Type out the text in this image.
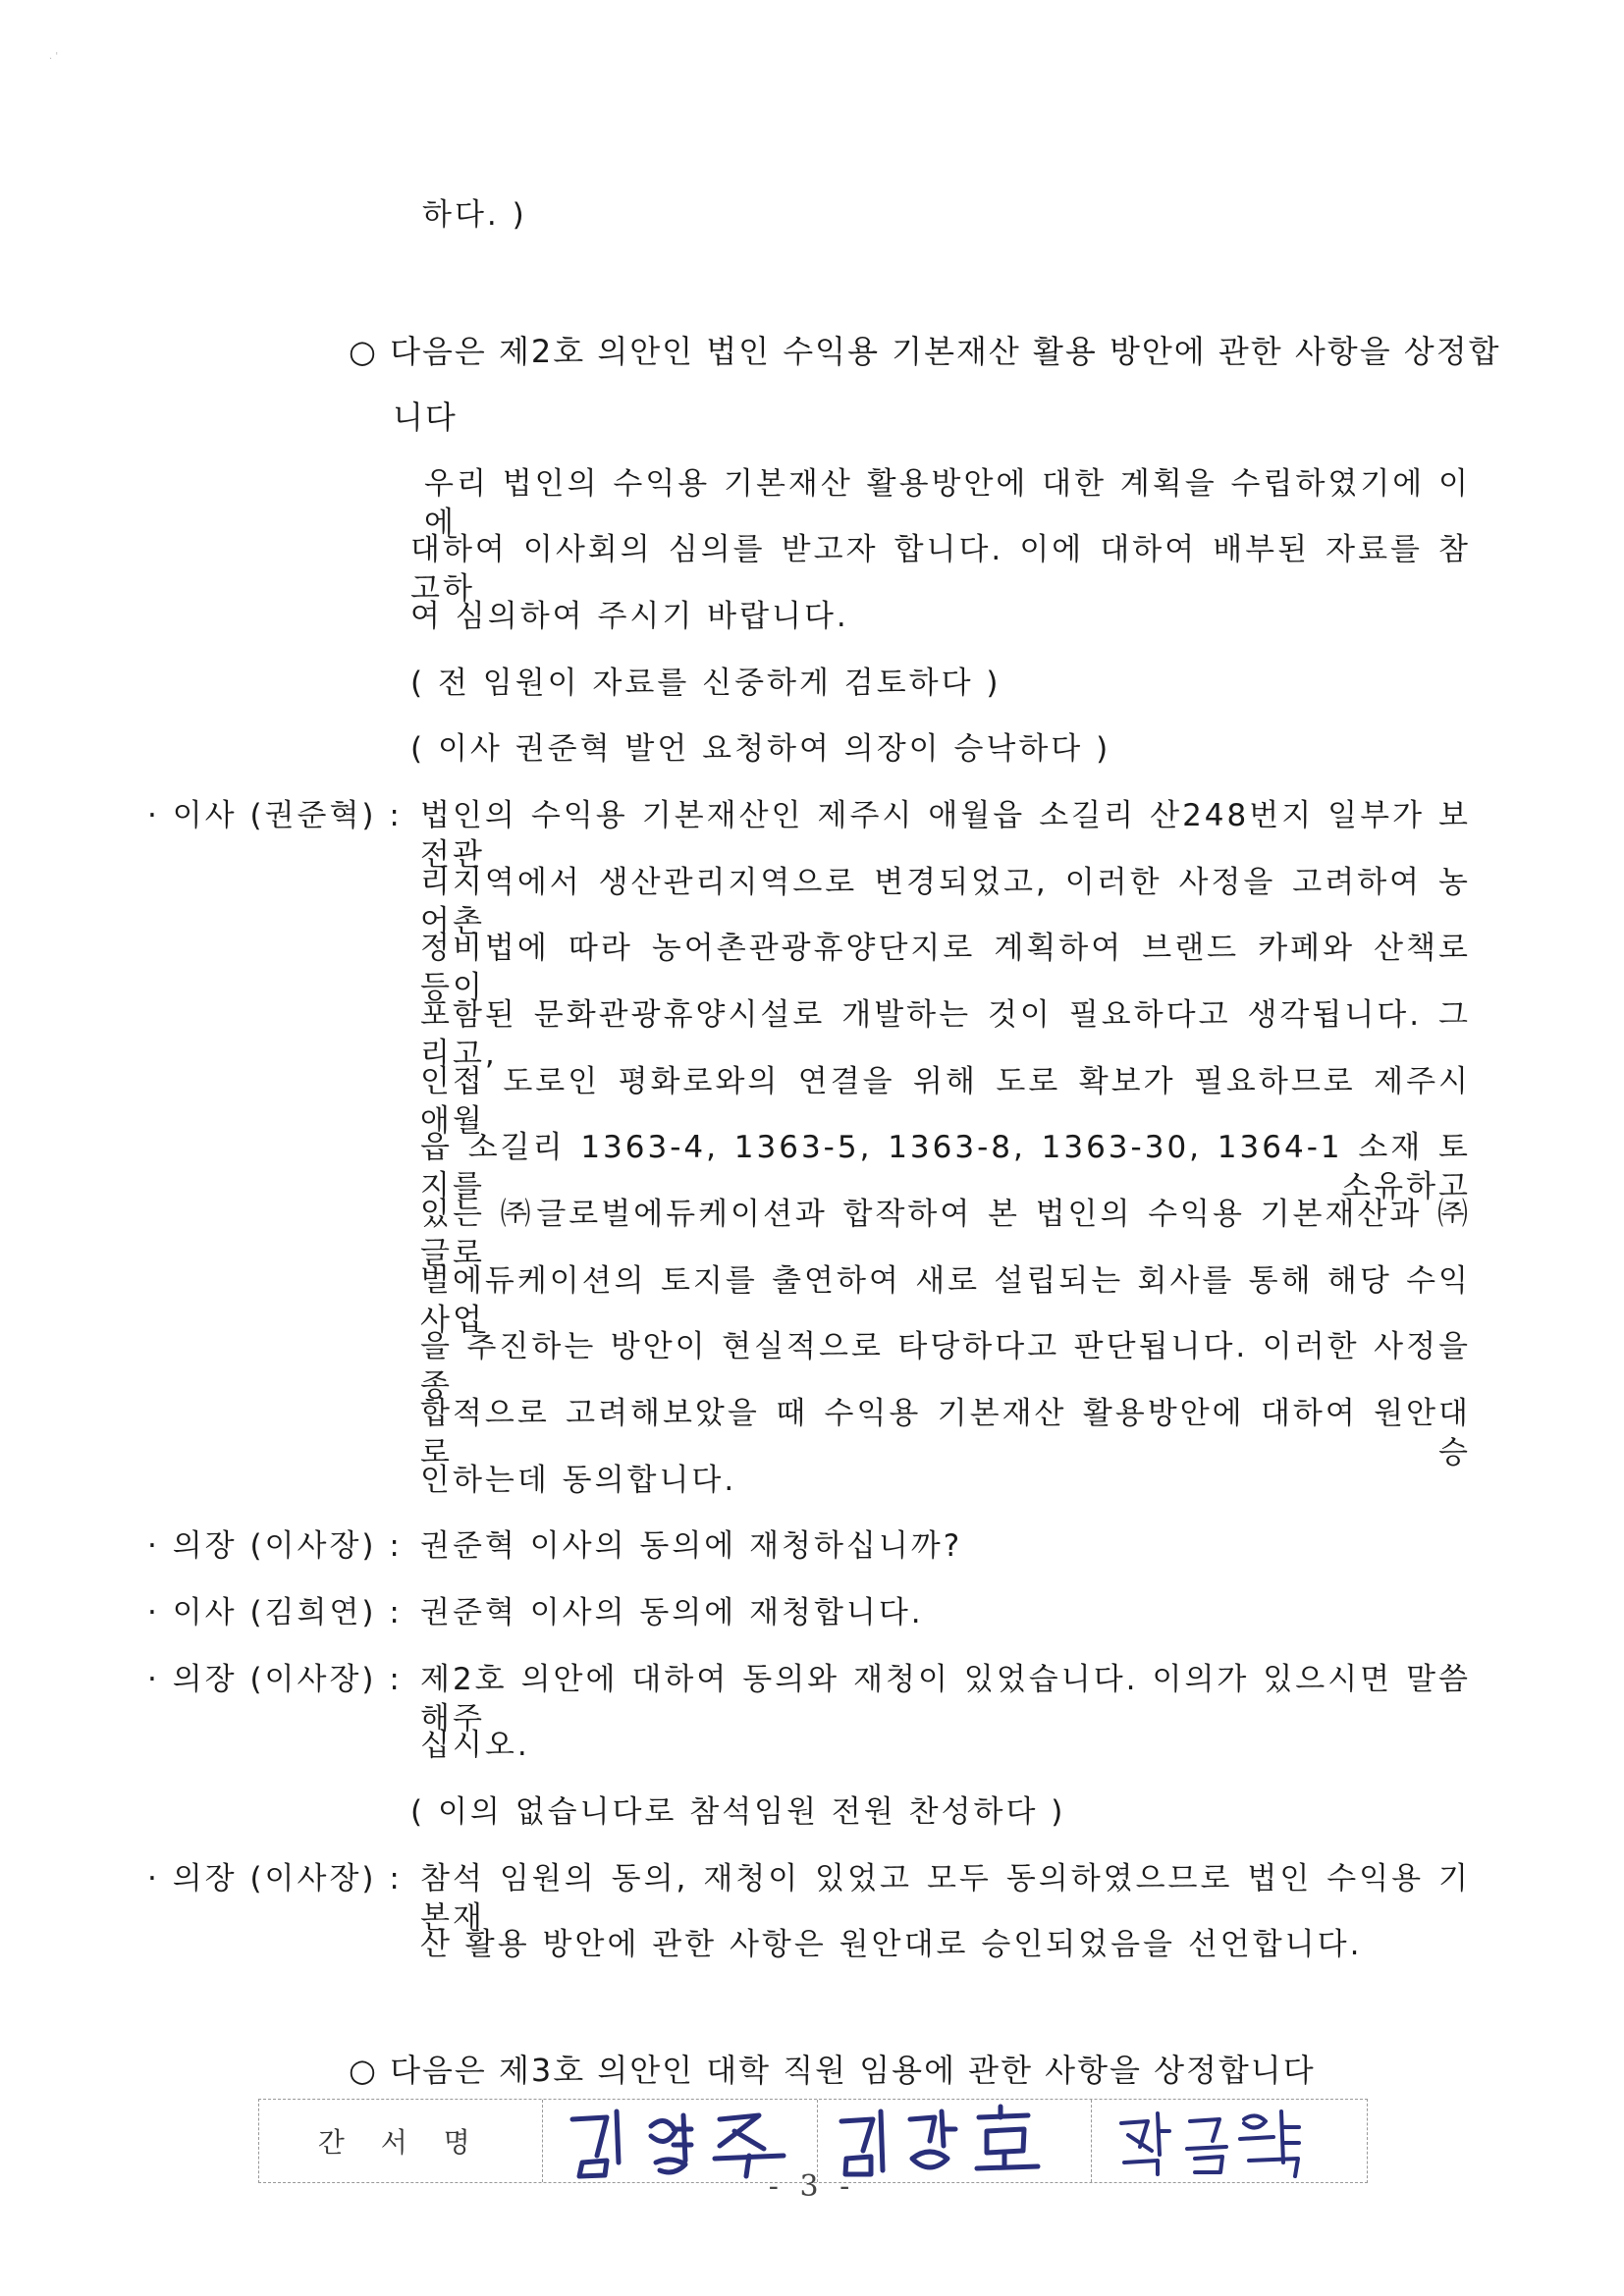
. '
하다. )
○ 다음은 제2호 의안인 법인 수익용 기본재산 활용 방안에 관한 사항을 상정합
니다
우리 법인의 수익용 기본재산 활용방안에 대한 계획을 수립하였기에 이에
대하여 이사회의 심의를 받고자 합니다. 이에 대하여 배부된 자료를 참고하
여 심의하여 주시기 바랍니다.
( 전 임원이 자료를 신중하게 검토하다 )
( 이사 권준혁 발언 요청하여 의장이 승낙하다 )
· 이사 (권준혁) : 법인의 수익용 기본재산인 제주시 애월읍 소길리 산248번지 일부가 보전관
리지역에서 생산관리지역으로 변경되었고, 이러한 사정을 고려하여 농어촌
정비법에 따라 농어촌관광휴양단지로 계획하여 브랜드 카페와 산책로 등이
포함된 문화관광휴양시설로 개발하는 것이 필요하다고 생각됩니다. 그리고,
인접 도로인 평화로와의 연결을 위해 도로 확보가 필요하므로 제주시 애월
읍 소길리 1363-4, 1363-5, 1363-8, 1363-30, 1364-1 소재 토지를 소유하고
있는 ㈜글로벌에듀케이션과 합작하여 본 법인의 수익용 기본재산과 ㈜글로
벌에듀케이션의 토지를 출연하여 새로 설립되는 회사를 통해 해당 수익사업
을 추진하는 방안이 현실적으로 타당하다고 판단됩니다. 이러한 사정을 종
합적으로 고려해보았을 때 수익용 기본재산 활용방안에 대하여 원안대로 승
인하는데 동의합니다.
· 의장 (이사장) : 권준혁 이사의 동의에 재청하십니까?
· 이사 (김희연) : 권준혁 이사의 동의에 재청합니다.
· 의장 (이사장) : 제2호 의안에 대하여 동의와 재청이 있었습니다. 이의가 있으시면 말씀해주
십시오.
( 이의 없습니다로 참석임원 전원 찬성하다 )
· 의장 (이사장) : 참석 임원의 동의, 재청이 있었고 모두 동의하였으므로 법인 수익용 기본재
산 활용 방안에 관한 사항은 원안대로 승인되었음을 선언합니다.
○ 다음은 제3호 의안인 대학 직원 임용에 관한 사항을 상정합니다
간 서 명
- 3 -
